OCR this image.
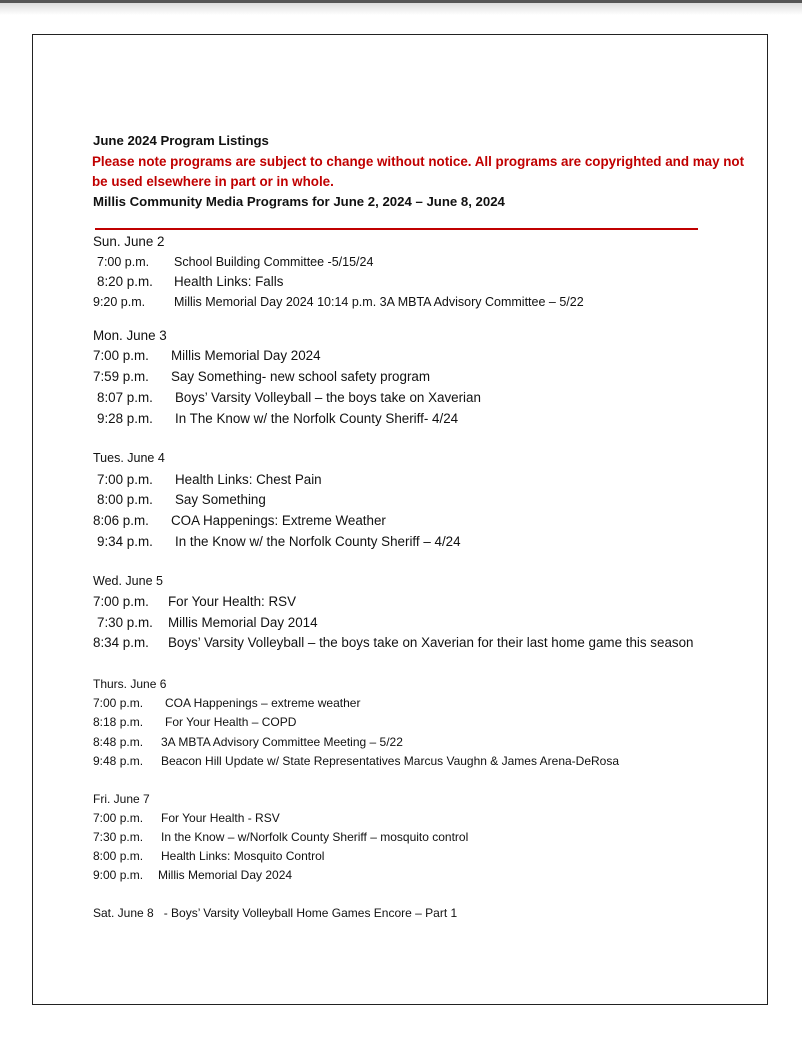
June 2024 Program Listings
Please note programs are subject to change without notice. All programs are copyrighted and may not be used elsewhere in part or in whole.
Millis Community Media Programs for June 2, 2024 – June 8, 2024
Sun. June 2
7:00 p.m. School Building Committee -5/15/24
8:20 p.m. Health Links: Falls
9:20 p.m. Millis Memorial Day 2024 10:14 p.m. 3A MBTA Advisory Committee – 5/22
Mon. June 3
7:00 p.m. Millis Memorial Day 2024
7:59 p.m. Say Something- new school safety program
8:07 p.m. Boys’ Varsity Volleyball – the boys take on Xaverian
9:28 p.m. In The Know w/ the Norfolk County Sheriff- 4/24
Tues. June 4
7:00 p.m. Health Links: Chest Pain
8:00 p.m. Say Something
8:06 p.m. COA Happenings: Extreme Weather
9:34 p.m. In the Know w/ the Norfolk County Sheriff – 4/24
Wed. June 5
7:00 p.m. For Your Health: RSV
7:30 p.m. Millis Memorial Day 2014
8:34 p.m. Boys’ Varsity Volleyball – the boys take on Xaverian for their last home game this season
Thurs. June 6
7:00 p.m. COA Happenings – extreme weather
8:18 p.m. For Your Health – COPD
8:48 p.m. 3A MBTA Advisory Committee Meeting – 5/22
9:48 p.m. Beacon Hill Update w/ State Representatives Marcus Vaughn & James Arena-DeRosa
Fri. June 7
7:00 p.m. For Your Health - RSV
7:30 p.m. In the Know – w/Norfolk County Sheriff – mosquito control
8:00 p.m. Health Links: Mosquito Control
9:00 p.m. Millis Memorial Day 2024
Sat. June 8   - Boys’ Varsity Volleyball Home Games Encore – Part 1
